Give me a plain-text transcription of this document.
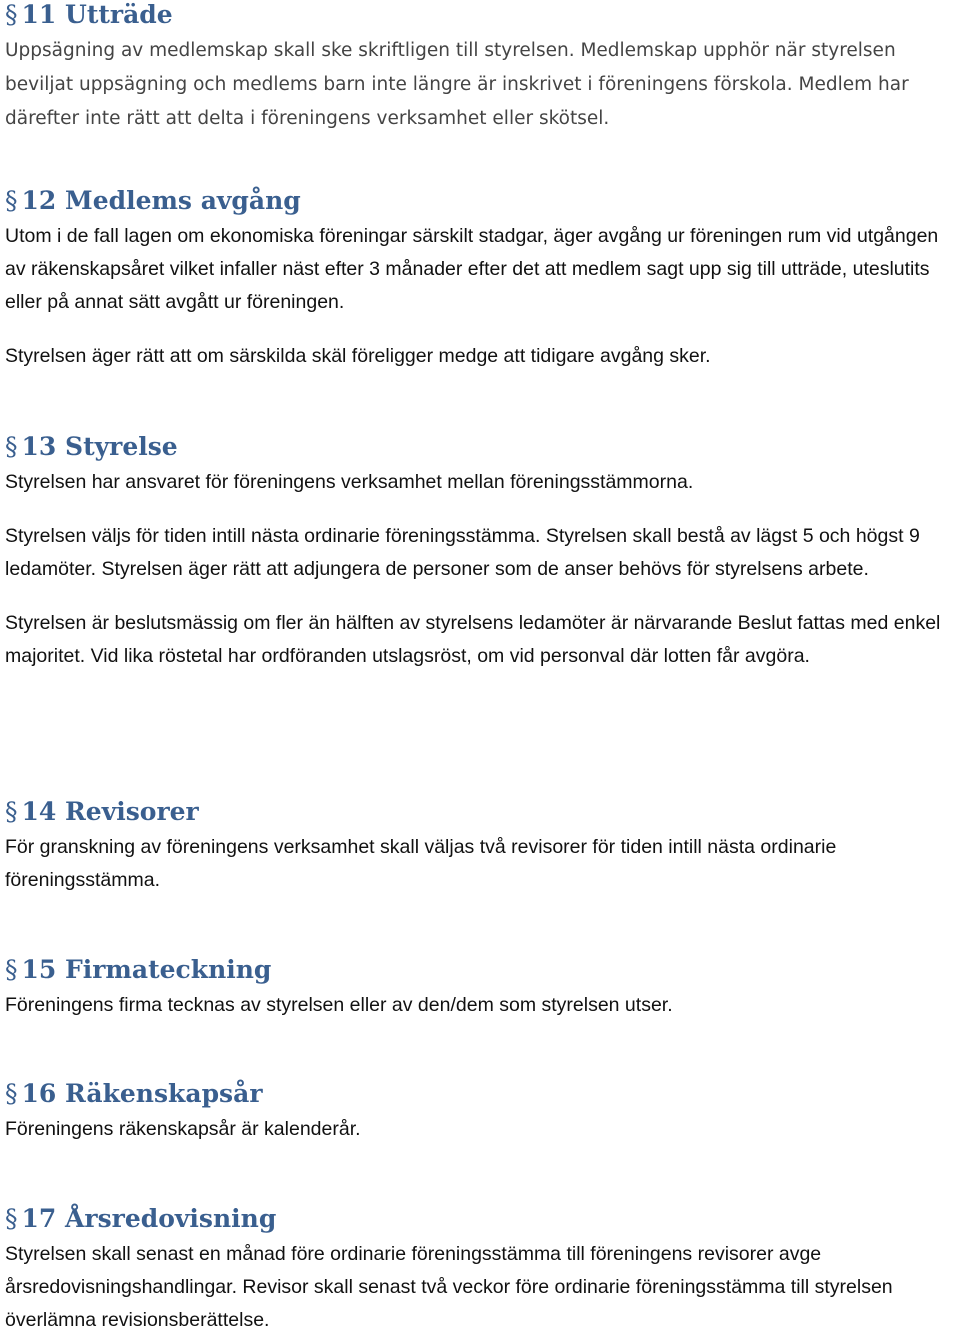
§ 11 Utträde

Uppsägning av medlemskap skall ske skriftligen till styrelsen. Medlemskap upphör när styrelsen beviljat uppsägning och medlems barn inte längre är inskrivet i föreningens förskola. Medlem har därefter inte rätt att delta i föreningens verksamhet eller skötsel.

§ 12 Medlems avgång

Utom i de fall lagen om ekonomiska föreningar särskilt stadgar, äger avgång ur föreningen rum vid utgången av räkenskapsåret vilket infaller näst efter 3 månader efter det att medlem sagt upp sig till utträde, uteslutits eller på annat sätt avgått ur föreningen.

Styrelsen äger rätt att om särskilda skäl föreligger medge att tidigare avgång sker.

§ 13 Styrelse

Styrelsen har ansvaret för föreningens verksamhet mellan föreningsstämmorna.

Styrelsen väljs för tiden intill nästa ordinarie föreningsstämma. Styrelsen skall bestå av lägst 5 och högst 9 ledamöter. Styrelsen äger rätt att adjungera de personer som de anser behövs för styrelsens arbete.

Styrelsen är beslutsmässig om fler än hälften av styrelsens ledamöter är närvarande Beslut fattas med enkel majoritet. Vid lika röstetal har ordföranden utslagsröst, om vid personval där lotten får avgöra.

§ 14 Revisorer

För granskning av föreningens verksamhet skall väljas två revisorer för tiden intill nästa ordinarie föreningsstämma.

§ 15 Firmateckning

Föreningens firma tecknas av styrelsen eller av den/dem som styrelsen utser.

§ 16 Räkenskapsår

Föreningens räkenskapsår är kalenderår.

§ 17 Årsredovisning

Styrelsen skall senast en månad före ordinarie föreningsstämma till föreningens revisorer avge årsredovisningshandlingar. Revisor skall senast två veckor före ordinarie föreningsstämma till styrelsen överlämna revisionsberättelse.
